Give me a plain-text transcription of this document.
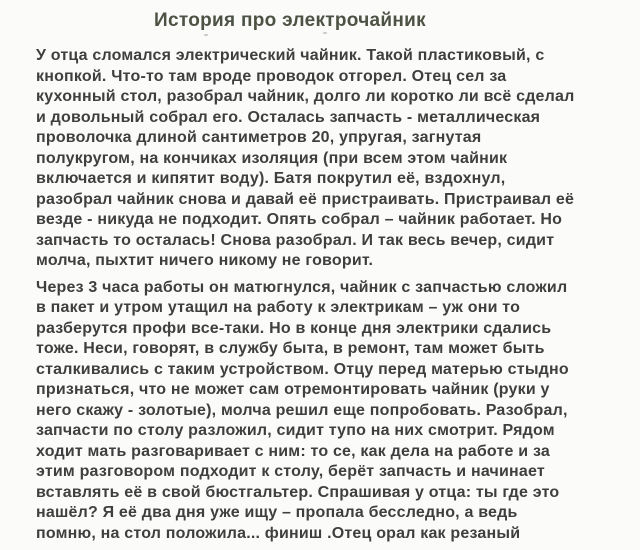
История про электрочайник
У отца сломался электрический чайник. Такой пластиковый, с
кнопкой. Что-то там вроде проводок отгорел. Отец сел за
кухонный стол, разобрал чайник, долго ли коротко ли всё сделал
и довольный собрал его. Осталась запчасть - металлическая
проволочка длиной сантиметров 20, упругая, загнутая
полукругом, на кончиках изоляция (при всем этом чайник
включается и кипятит воду). Батя покрутил её, вздохнул,
разобрал чайник снова и давай её пристраивать. Пристраивал её
везде - никуда не подходит. Опять собрал – чайник работает. Но
запчасть то осталась! Снова разобрал. И так весь вечер, сидит
молча, пыхтит ничего никому не говорит.
Через 3 часа работы он матюгнулся, чайник с запчастью сложил
в пакет и утром утащил на работу к электрикам – уж они то
разберутся профи все-таки. Но в конце дня электрики сдались
тоже. Неси, говорят, в службу быта, в ремонт, там может быть
сталкивались с таким устройством. Отцу перед матерью стыдно
признаться, что не может сам отремонтировать чайник (руки у
него скажу - золотые), молча решил еще попробовать. Разобрал,
запчасти по столу разложил, сидит тупо на них смотрит. Рядом
ходит мать разговаривает с ним: то се, как дела на работе и за
этим разговором подходит к столу, берёт запчасть и начинает
вставлять её в свой бюстгальтер. Спрашивая у отца: ты где это
нашёл? Я её два дня уже ищу – пропала бесследно, а ведь
помню, на стол положила... финиш .Отец орал как резаный
